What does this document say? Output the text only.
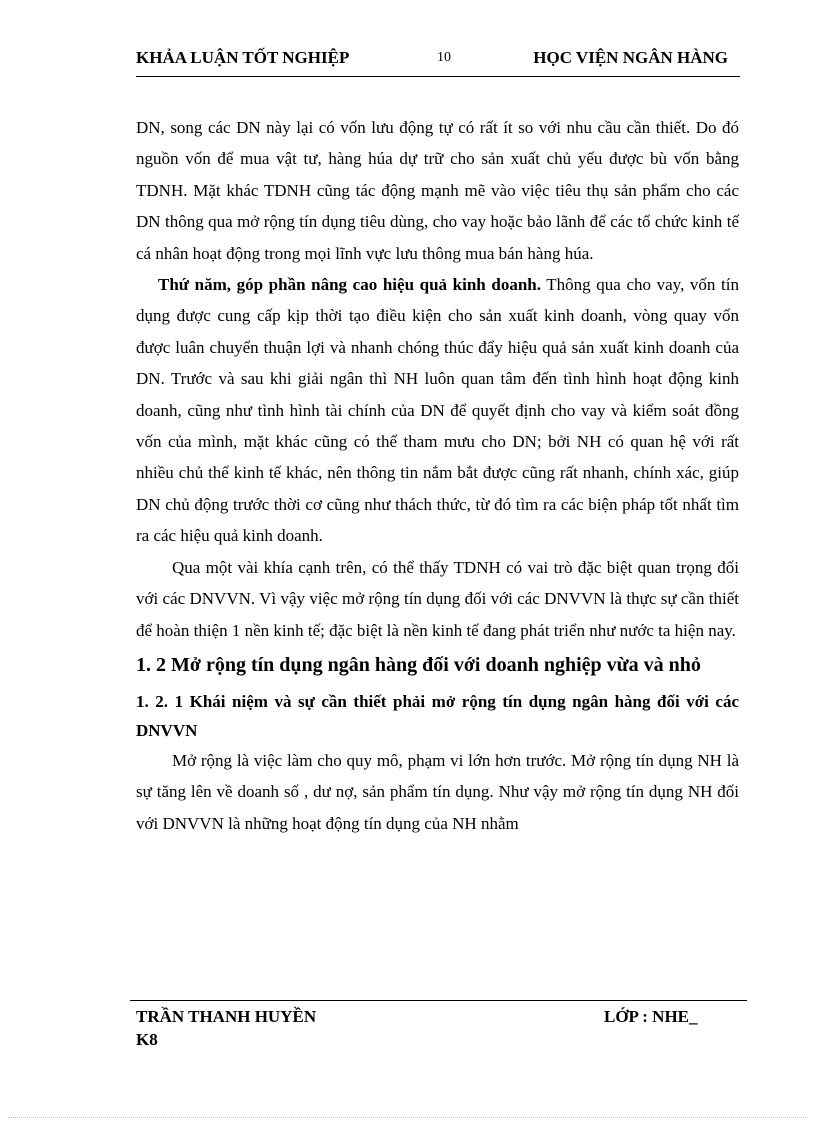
KHẢA LUẬN TỐT NGHIỆP	10	HỌC VIỆN NGÂN HÀNG

DN, song các DN này lại có vốn lưu động tự có rất ít so với nhu cầu cần thiết. Do đó nguồn vốn để mua vật tư, hàng húa dự trữ cho sản xuất chủ yếu được bù vốn bằng TDNH. Mặt khác TDNH cũng tác động mạnh mẽ vào việc tiêu thụ sản phẩm cho các DN thông qua mở rộng tín dụng tiêu dùng, cho vay hoặc bảo lãnh để các tổ chức kinh tế cá nhân hoạt động trong mọi lĩnh vực lưu thông mua bán hàng húa.

Thứ năm, góp phần nâng cao hiệu quả kinh doanh. Thông qua cho vay, vốn tín dụng được cung cấp kịp thời tạo điều kiện cho sản xuất kinh doanh, vòng quay vốn được luân chuyển thuận lợi và nhanh chóng thúc đẩy hiệu quả sản xuất kinh doanh của DN. Trước và sau khi giải ngân thì NH luôn quan tâm đến tình hình hoạt động kinh doanh, cũng như tình hình tài chính của DN để quyết định cho vay và kiểm soát đồng vốn của mình, mặt khác cũng có thể tham mưu cho DN; bởi NH có quan hệ với rất nhiều chủ thể kinh tế khác, nên thông tin nắm bắt được cũng rất nhanh, chính xác, giúp DN chủ động trước thời cơ cũng như thách thức, từ đó tìm ra các biện pháp tốt nhất tìm ra các hiệu quả kinh doanh.

Qua một vài khía cạnh trên, có thể thấy TDNH có vai trò đặc biệt quan trọng đối với các DNVVN. Vì vậy việc mở rộng tín dụng đối với các DNVVN là thực sự cần thiết để hoàn thiện 1 nền kinh tế; đặc biệt là nền kinh tế đang phát triển như nước ta hiện nay.

1. 2 Mở rộng tín dụng ngân hàng đối với doanh nghiệp vừa và nhỏ
1. 2. 1 Khái niệm và sự cần thiết phải mở rộng tín dụng ngân hàng đối với các DNVVN

Mở rộng là việc làm cho quy mô, phạm vi lớn hơn trước. Mở rộng tín dụng NH là sự tăng lên về doanh số , dư nợ, sản phẩm tín dụng. Như vậy mở rộng tín dụng NH đối với DNVVN là những hoạt động tín dụng của NH nhằm

TRẦN THANH HUYỀN	LỚP : NHE_
K8
